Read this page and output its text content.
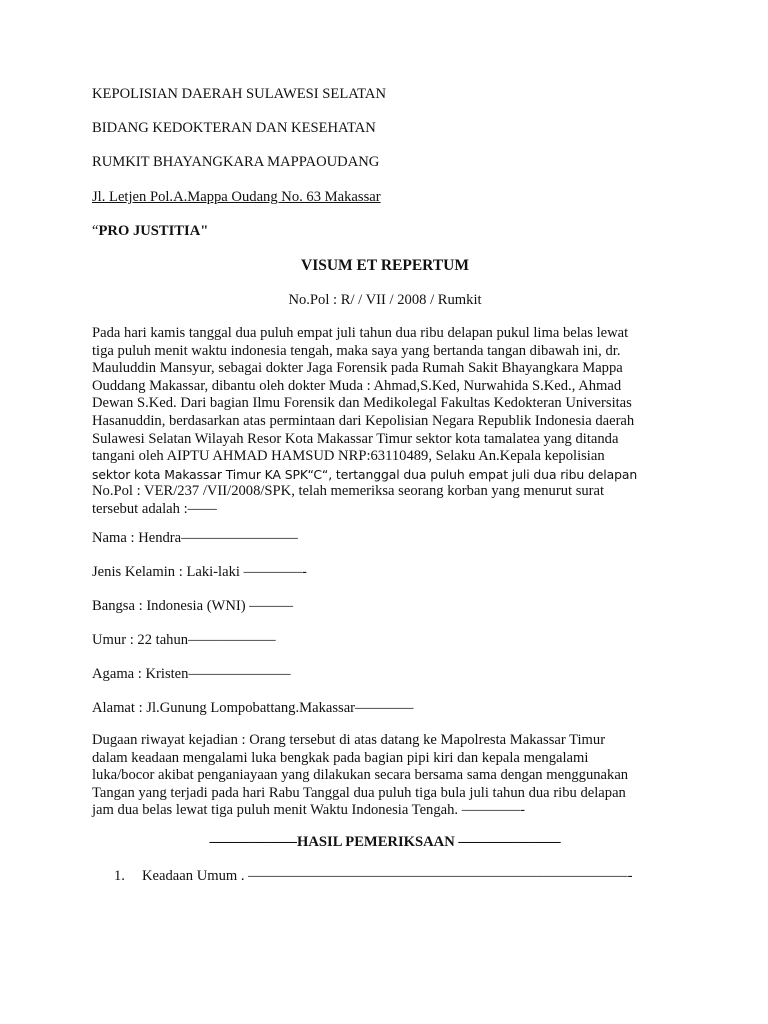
KEPOLISIAN DAERAH SULAWESI SELATAN
BIDANG KEDOKTERAN DAN KESEHATAN
RUMKIT BHAYANGKARA MAPPAOUDANG
Jl. Letjen Pol.A.Mappa Oudang No. 63 Makassar
“PRO JUSTITIA"
VISUM ET REPERTUM
No.Pol : R/ / VII / 2008 / Rumkit
Pada hari kamis tanggal dua puluh empat juli tahun dua ribu delapan pukul lima belas lewat
tiga puluh menit waktu indonesia tengah, maka saya yang bertanda tangan dibawah ini, dr.
Mauluddin Mansyur, sebagai dokter Jaga Forensik pada Rumah Sakit Bhayangkara Mappa
Ouddang Makassar, dibantu oleh dokter Muda : Ahmad,S.Ked, Nurwahida S.Ked., Ahmad
Dewan S.Ked. Dari bagian Ilmu Forensik dan Medikolegal Fakultas Kedokteran Universitas
Hasanuddin, berdasarkan atas permintaan dari Kepolisian Negara Republik Indonesia daerah
Sulawesi Selatan Wilayah Resor Kota Makassar Timur sektor kota tamalatea yang ditanda
tangani oleh AIPTU AHMAD HAMSUD NRP:63110489, Selaku An.Kepala kepolisian
sektor kota Makassar Timur KA SPK“C“, tertanggal dua puluh empat juli dua ribu delapan
No.Pol : VER/237 /VII/2008/SPK, telah memeriksa seorang korban yang menurut surat
tersebut adalah :——
Nama : Hendra————————
Jenis Kelamin : Laki-laki ————-
Bangsa : Indonesia (WNI) ———
Umur : 22 tahun——————
Agama : Kristen———————
Alamat : Jl.Gunung Lompobattang.Makassar————
Dugaan riwayat kejadian : Orang tersebut di atas datang ke Mapolresta Makassar Timur
dalam keadaan mengalami luka bengkak pada bagian pipi kiri dan kepala mengalami
luka/bocor akibat penganiayaan yang dilakukan secara bersama sama dengan menggunakan
Tangan yang terjadi pada hari Rabu Tanggal dua puluh tiga bula juli tahun dua ribu delapan
jam dua belas lewat tiga puluh menit Waktu Indonesia Tengah. ————-
——————HASIL PEMERIKSAAN ———————
1. Keadaan Umum . ——————————————————————————-
